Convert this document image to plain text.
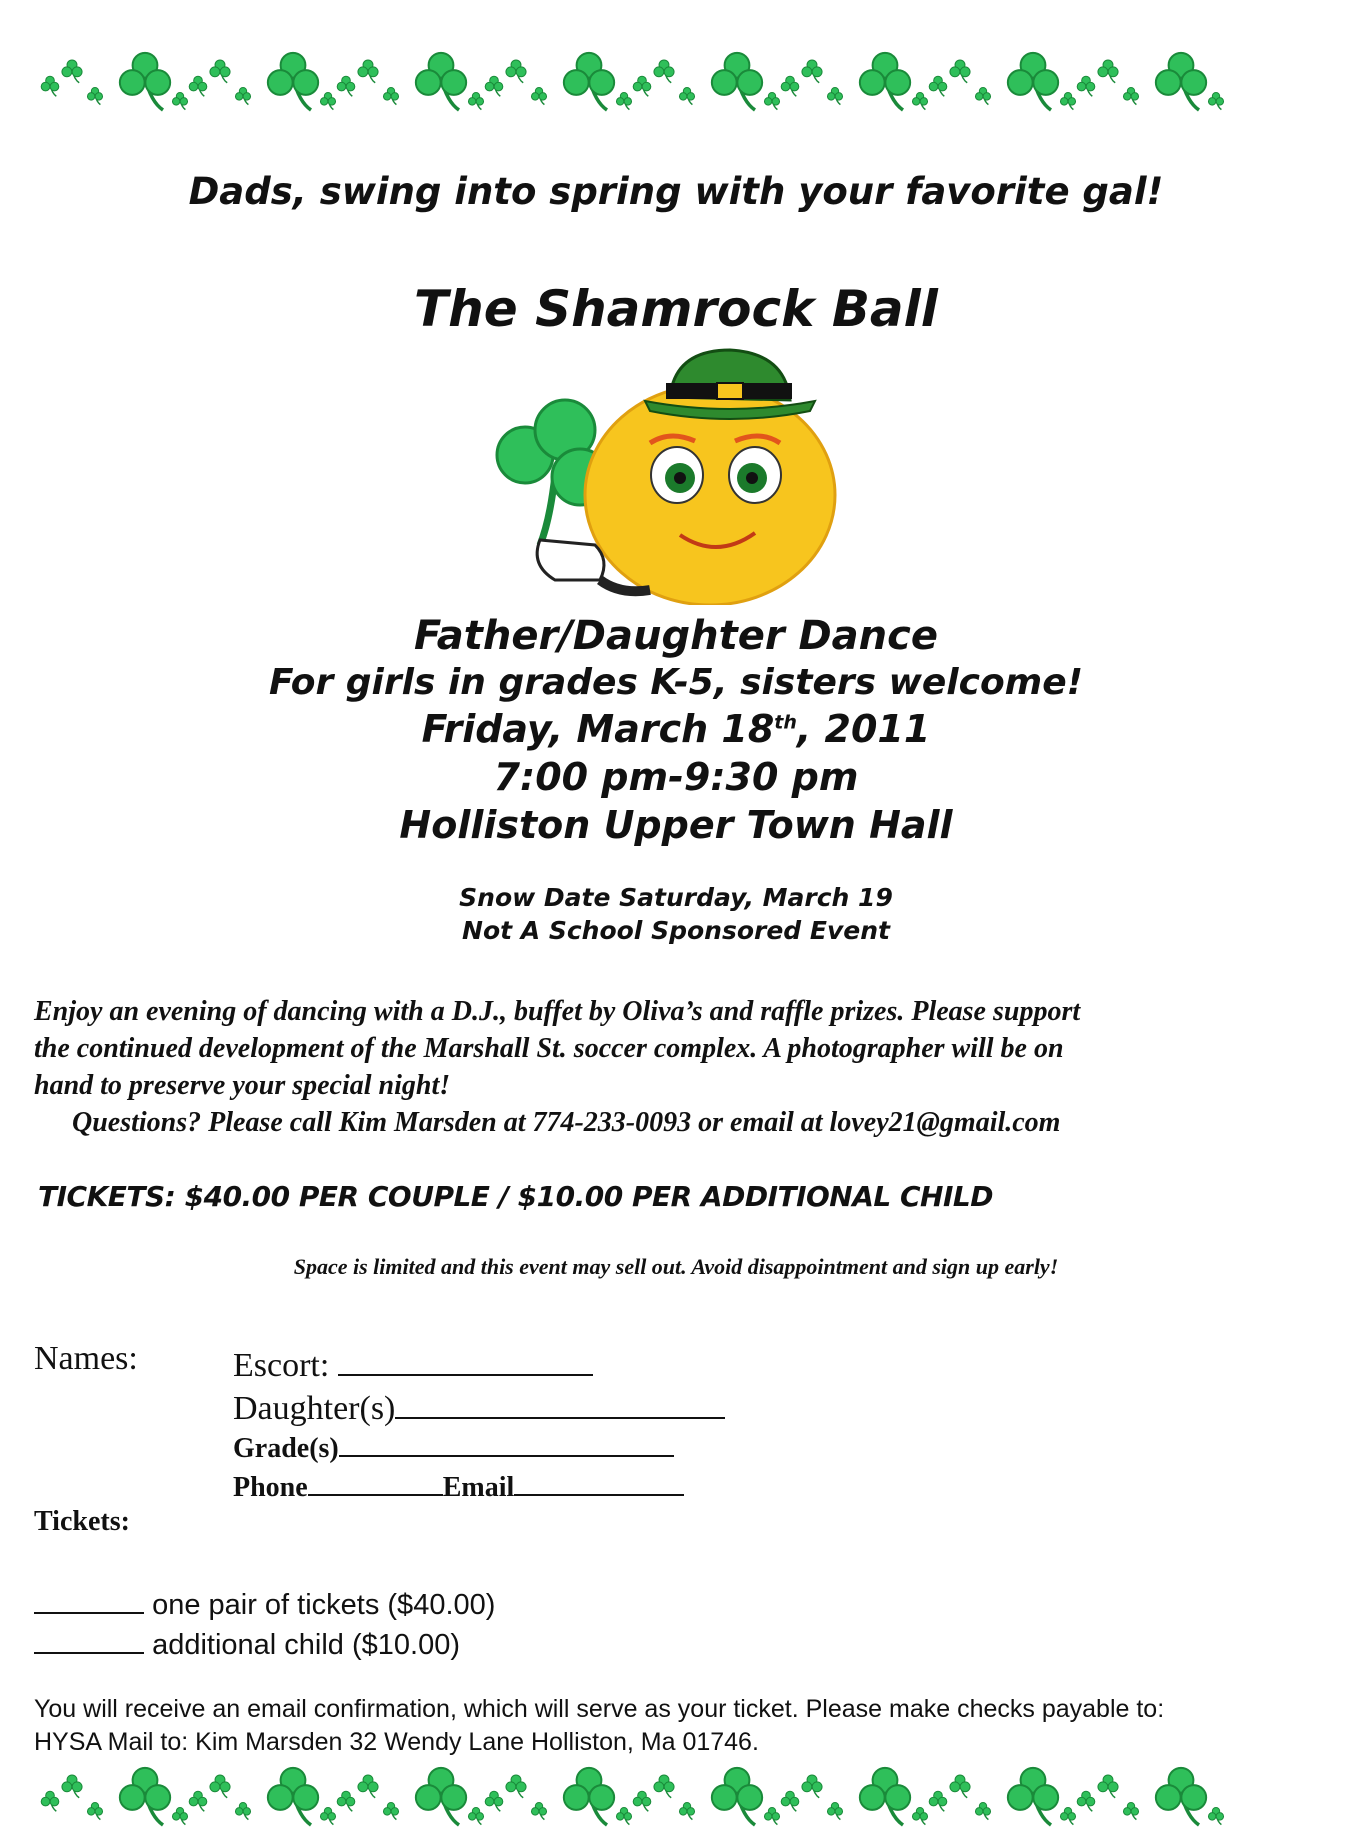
Dads, swing into spring with your favorite gal!
The Shamrock Ball
Father/Daughter Dance
For girls in grades K-5, sisters welcome!
Friday, March 18th, 2011
7:00 pm-9:30 pm
Holliston Upper Town Hall
Snow Date Saturday, March 19
Not A School Sponsored Event
Enjoy an evening of dancing with a D.J., buffet by Oliva’s and raffle prizes. Please support
the continued development of the Marshall St. soccer complex. A photographer will be on
hand to preserve your special night!
Questions? Please call Kim Marsden at 774-233-0093 or email at lovey21@gmail.com
TICKETS: $40.00 PER COUPLE / $10.00 PER ADDITIONAL CHILD
Space is limited and this event may sell out. Avoid disappointment and sign up early!
Names:	Escort:
Daughter(s)
Grade(s)
Phone	Email
Tickets:
one pair of tickets ($40.00)
additional child ($10.00)
You will receive an email confirmation, which will serve as your ticket. Please make checks payable to:
HYSA Mail to: Kim Marsden 32 Wendy Lane Holliston, Ma 01746.
